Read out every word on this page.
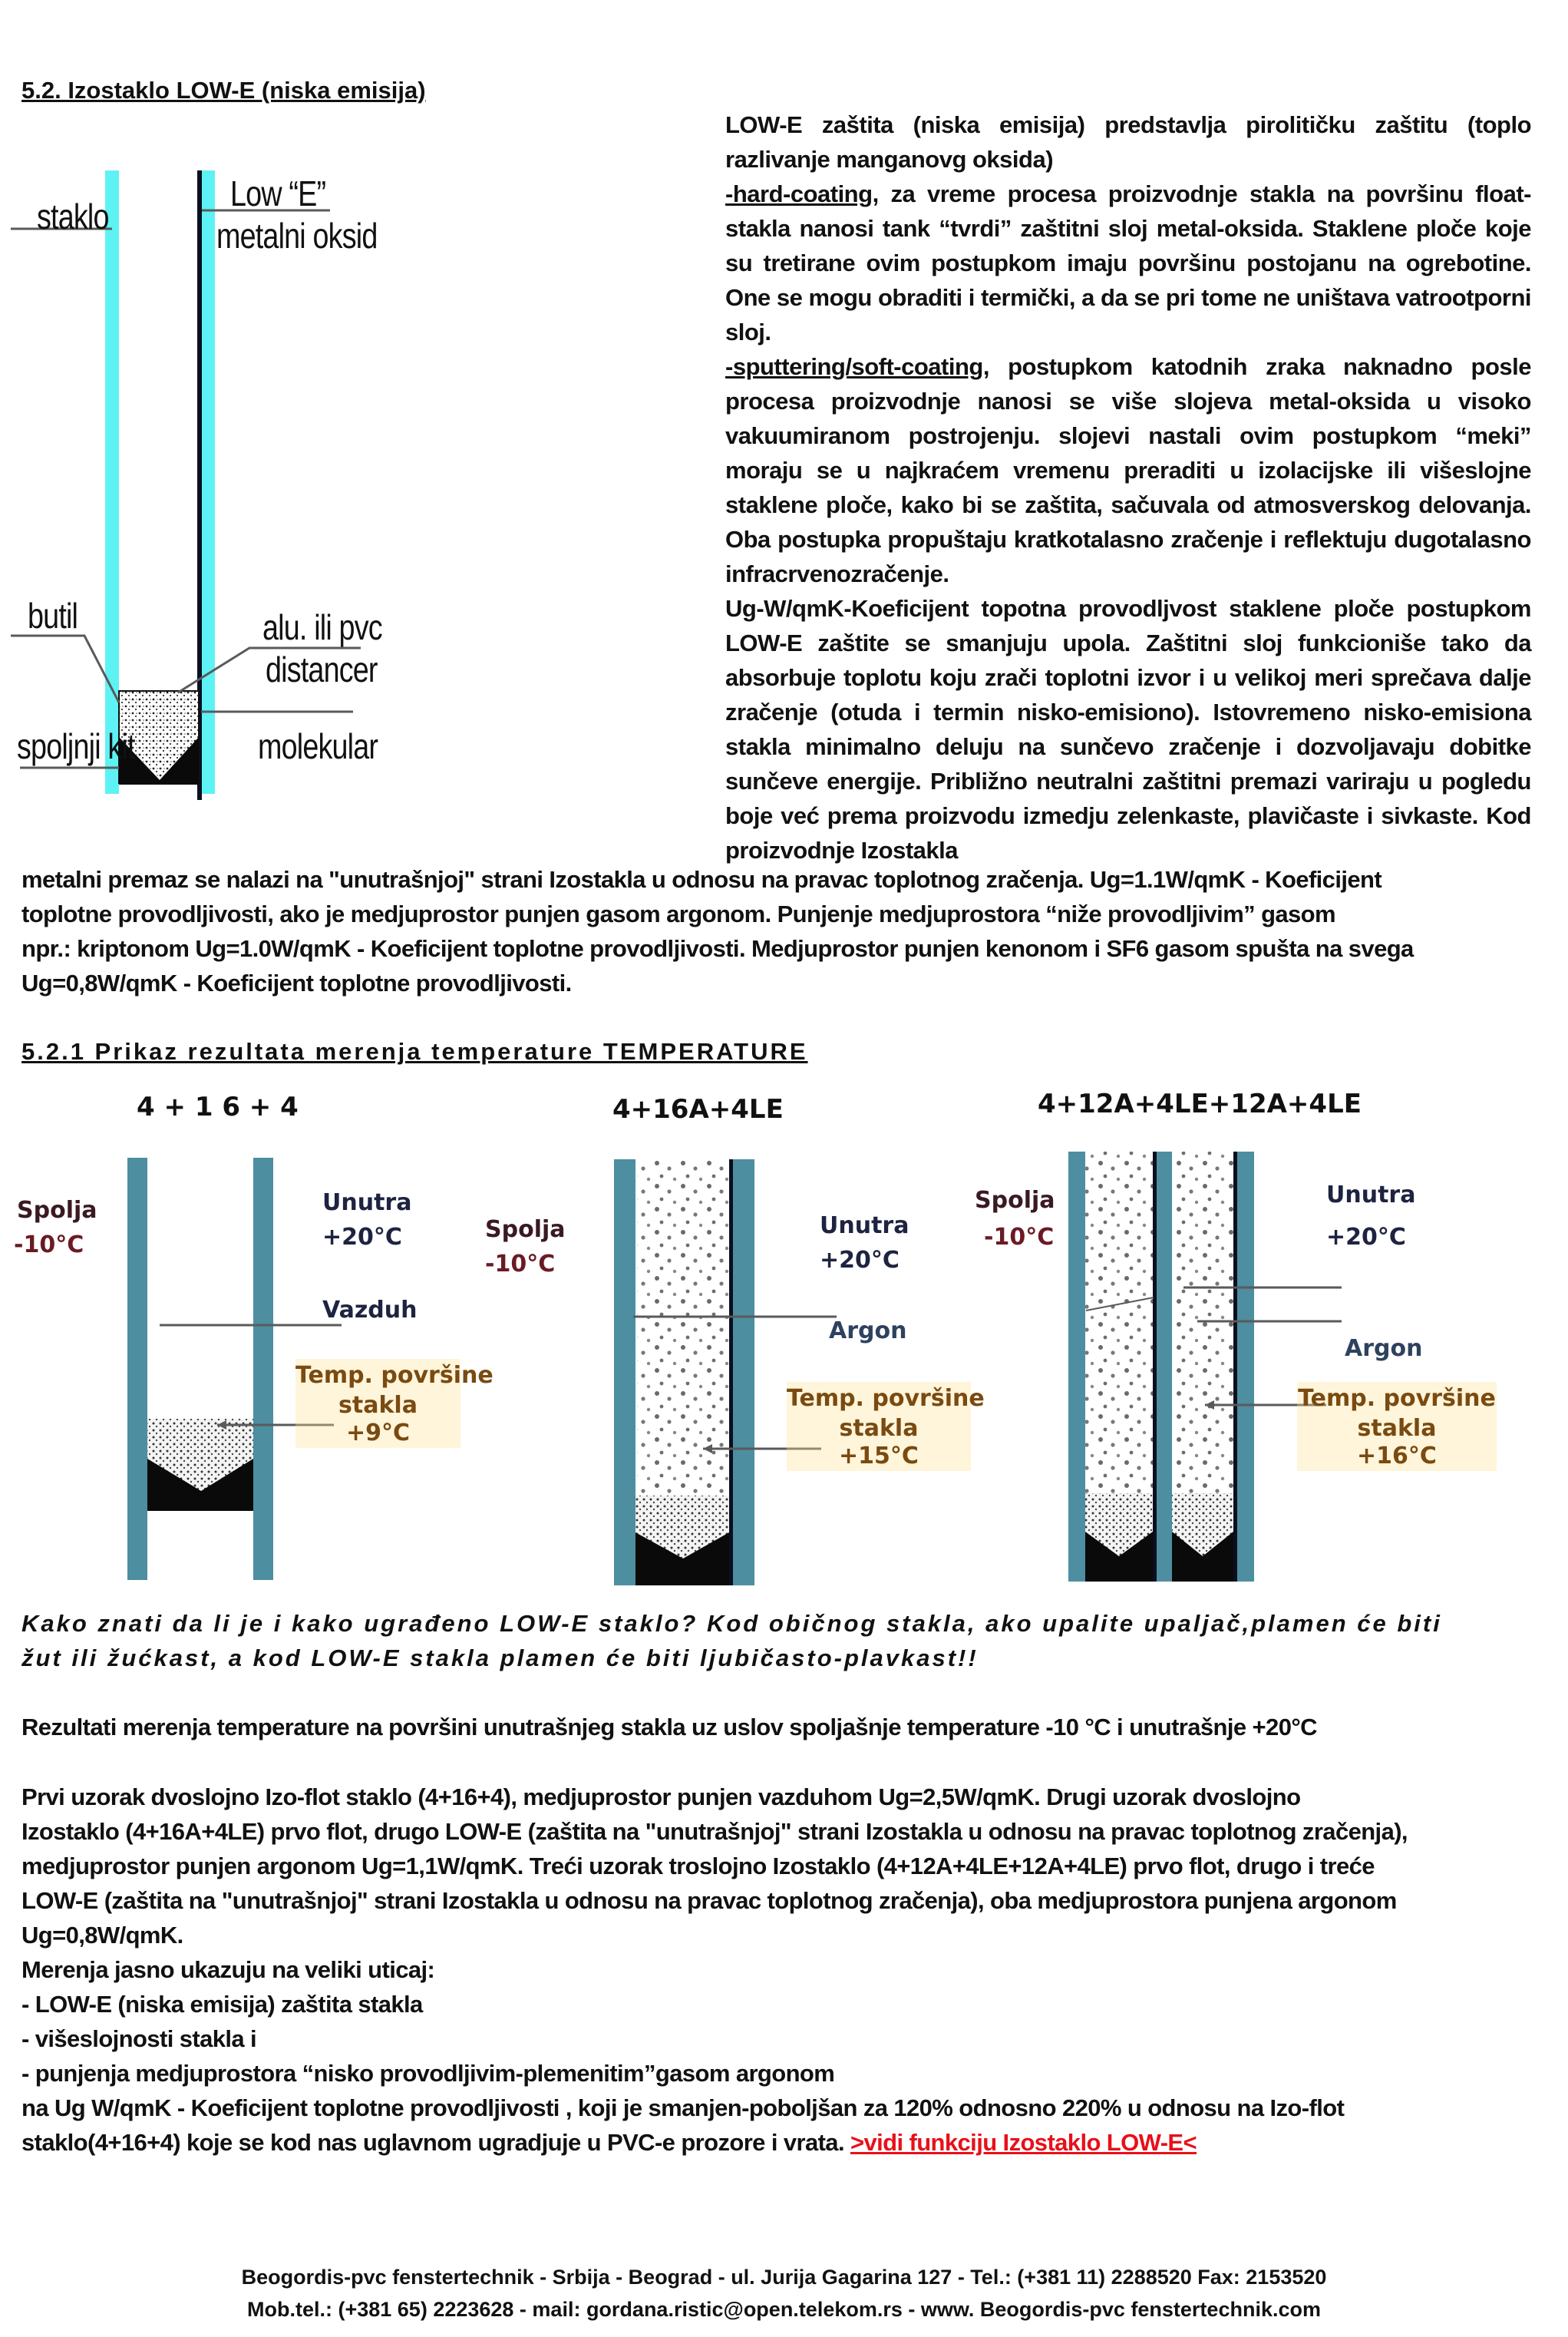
5.2. Izostaklo LOW-E (niska emisija)
staklo
Low “E”
metalni oksid
butil	alu. ili pvc
distancer
spoljnji kit	molekular

LOW-E zaštita (niska emisija) predstavlja pirolitičku zaštitu (toplo razlivanje manganovg oksida)

-hard-coating, za vreme procesa proizvodnje stakla na površinu float-stakla nanosi tank “tvrdi” zaštitni sloj metal-oksida. Staklene ploče koje su tretirane ovim postupkom imaju površinu postojanu na ogrebotine. One se mogu obraditi i termički, a da se pri tome ne uništava vatrootporni sloj.

-sputtering/soft-coating, postupkom katodnih zraka naknadno posle procesa proizvodnje nanosi se više slojeva metal-oksida u visoko vakuumiranom postrojenju. slojevi nastali ovim postupkom “meki” moraju se u najkraćem vremenu preraditi u izolacijske ili višeslojne staklene ploče, kako bi se zaštita, sačuvala od atmosverskog delovanja. Oba postupka propuštaju kratkotalasno zračenje i reflektuju dugotalasno infracrvenozračenje.

Ug-W/qmK-Koeficijent topotna provodljvost staklene ploče postupkom LOW-E zaštite se smanjuju upola. Zaštitni sloj funkcioniše tako da absorbuje toplotu koju zrači toplotni izvor i u velikoj meri sprečava dalje zračenje (otuda i termin nisko-emisiono). Istovremeno nisko-emisiona stakla minimalno deluju na sunčevo zračenje i dozvoljavaju dobitke sunčeve energije. Približno neutralni zaštitni premazi variraju u pogledu boje već prema proizvodu izmedju zelenkaste, plavičaste i sivkaste. Kod proizvodnje Izostakla

metalni premaz se nalazi na "unutrašnjoj" strani Izostakla u odnosu na pravac toplotnog zračenja. Ug=1.1W/qmK - Koeficijent

toplotne provodljivosti, ako je medjuprostor punjen gasom argonom. Punjenje medjuprostora “niže provodljivim” gasom

npr.: kriptonom Ug=1.0W/qmK - Koeficijent toplotne provodljivosti. Medjuprostor punjen kenonom i SF6 gasom spušta na svega

Ug=0,8W/qmK - Koeficijent toplotne provodljivosti.

5.2.1 Prikaz rezultata merenja temperature TEMPERATURE
4 + 1 6 + 4
Spolja
-10°C
Unutra
+20°C
Vazduh
Temp. površine
stakla
+9°C
4+16A+4LE
Spolja
-10°C
Unutra
+20°C
Argon
Temp. površine
stakla
+15°C
4+12A+4LE+12A+4LE
Spolja
-10°C
Unutra
+20°C
Argon
Temp. površine
stakla
+16°C

Kako znati da li je i kako ugrađeno LOW-E staklo? Kod običnog stakla, ako upalite upaljač,plamen će biti

žut ili žućkast, a kod LOW-E stakla plamen će biti ljubičasto-plavkast!!

Rezultati merenja temperature na površini unutrašnjeg stakla uz uslov spoljašnje temperature -10 °C i unutrašnje +20°C

Prvi uzorak dvoslojno Izo-flot staklo (4+16+4), medjuprostor punjen vazduhom Ug=2,5W/qmK. Drugi uzorak dvoslojno

Izostaklo (4+16A+4LE) prvo flot, drugo LOW-E (zaštita na "unutrašnjoj" strani Izostakla u odnosu na pravac toplotnog zračenja),

medjuprostor punjen argonom Ug=1,1W/qmK. Treći uzorak troslojno Izostaklo (4+12A+4LE+12A+4LE) prvo flot, drugo i treće

LOW-E (zaštita na "unutrašnjoj" strani Izostakla u odnosu na pravac toplotnog zračenja), oba medjuprostora punjena argonom

Ug=0,8W/qmK.

Merenja jasno ukazuju na veliki uticaj:

- LOW-E (niska emisija) zaštita stakla

- višeslojnosti stakla i

- punjenja medjuprostora “nisko provodljivim-plemenitim”gasom argonom

na Ug W/qmK - Koeficijent toplotne provodljivosti , koji je smanjen-poboljšan za 120% odnosno 220% u odnosu na Izo-flot

staklo(4+16+4) koje se kod nas uglavnom ugradjuje u PVC-e prozore i vrata. >vidi funkciju Izostaklo LOW-E<

Beogordis-pvc fenstertechnik - Srbija - Beograd - ul. Jurija Gagarina 127 - Tel.: (+381 11) 2288520 Fax: 2153520
Mob.tel.: (+381 65) 2223628 - mail: gordana.ristic@open.telekom.rs - www. Beogordis-pvc fenstertechnik.com
